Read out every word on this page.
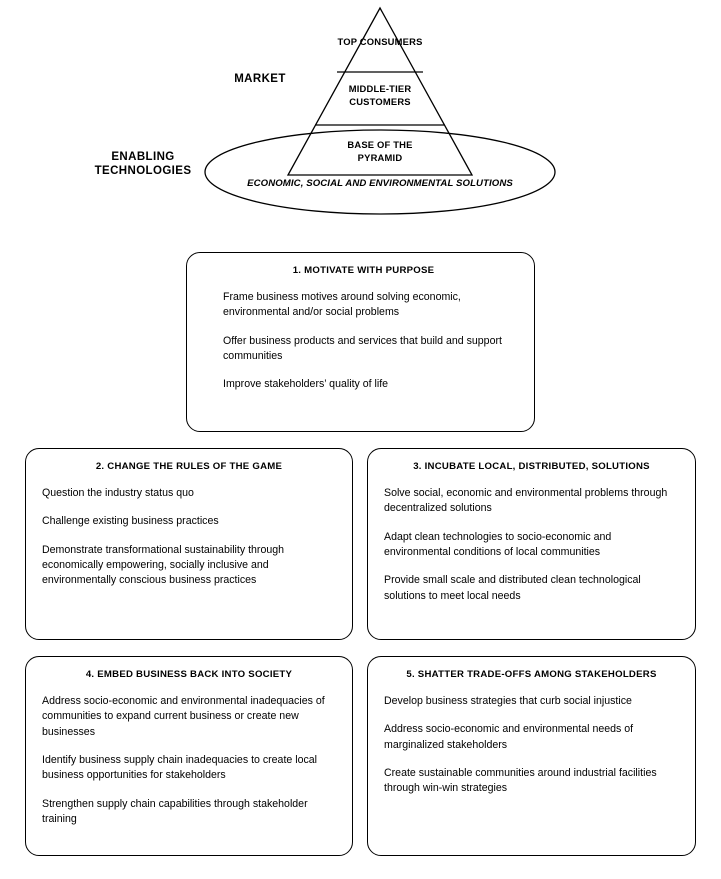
MARKET
ENABLING TECHNOLOGIES
TOP CONSUMERS
MIDDLE-TIER CUSTOMERS
BASE OF THE PYRAMID
ECONOMIC, SOCIAL AND ENVIRONMENTAL SOLUTIONS
1. MOTIVATE WITH PURPOSE
Frame business motives around solving economic, environmental and/or social problems
Offer business products and services that build and support communities
Improve stakeholders’ quality of life
2. CHANGE THE RULES OF THE GAME
Question the industry status quo
Challenge existing business practices
Demonstrate transformational sustainability through economically empowering, socially inclusive and environmentally conscious business practices
3. INCUBATE LOCAL, DISTRIBUTED, SOLUTIONS
Solve social, economic and environmental problems through decentralized solutions
Adapt clean technologies to socio-economic and environmental conditions of local communities
Provide small scale and distributed clean technological solutions to meet local needs
4. EMBED BUSINESS BACK INTO SOCIETY
Address socio-economic and environmental inadequacies of communities to expand current business or create new businesses
Identify business supply chain inadequacies to create local business opportunities for stakeholders
Strengthen supply chain capabilities through stakeholder training
5. SHATTER TRADE-OFFS AMONG STAKEHOLDERS
Develop business strategies that curb social injustice
Address socio-economic and environmental needs of marginalized stakeholders
Create sustainable communities around industrial facilities through win-win strategies
